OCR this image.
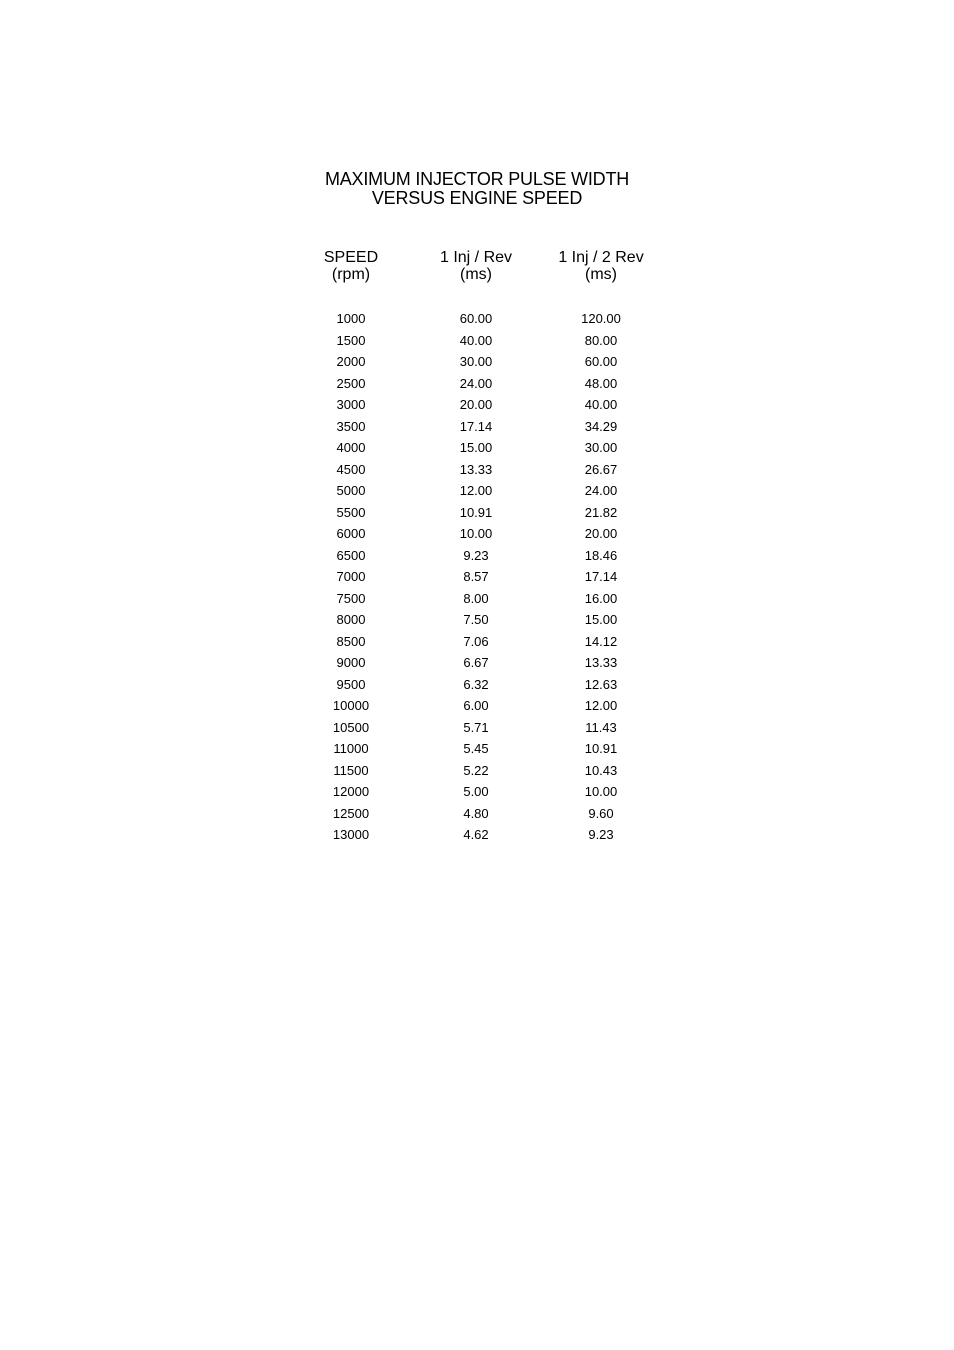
MAXIMUM INJECTOR PULSE WIDTH
VERSUS ENGINE SPEED
SPEED
(rpm)
1 Inj / Rev
(ms)
1 Inj / 2 Rev
(ms)
1000	60.00	120.00
1500	40.00	80.00
2000	30.00	60.00
2500	24.00	48.00
3000	20.00	40.00
3500	17.14	34.29
4000	15.00	30.00
4500	13.33	26.67
5000	12.00	24.00
5500	10.91	21.82
6000	10.00	20.00
6500	9.23	18.46
7000	8.57	17.14
7500	8.00	16.00
8000	7.50	15.00
8500	7.06	14.12
9000	6.67	13.33
9500	6.32	12.63
10000	6.00	12.00
10500	5.71	11.43
11000	5.45	10.91
11500	5.22	10.43
12000	5.00	10.00
12500	4.80	9.60
13000	4.62	9.23
